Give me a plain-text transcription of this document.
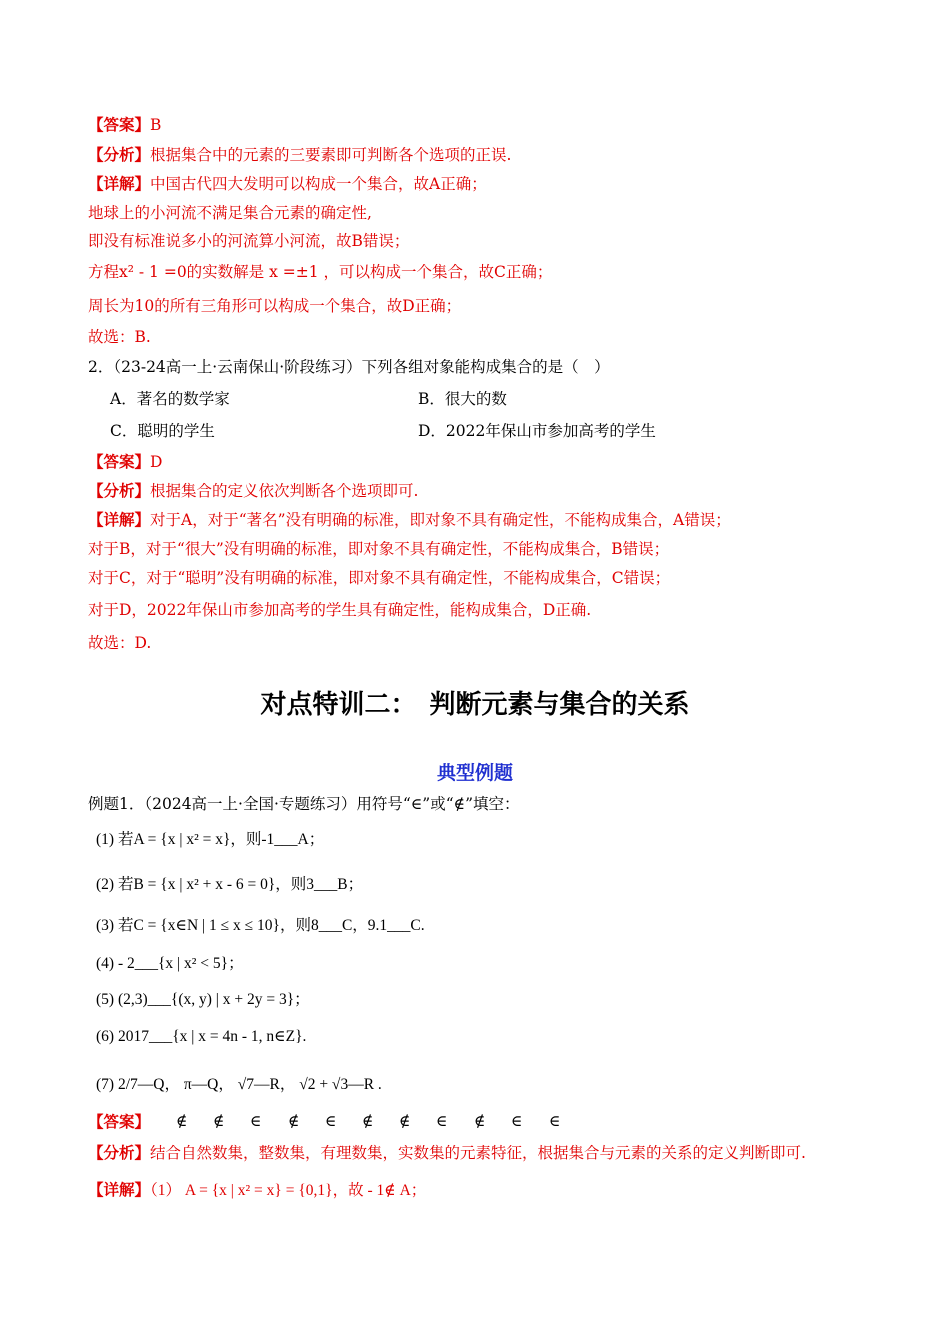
【答案】B
【分析】根据集合中的元素的三要素即可判断各个选项的正误.
【详解】中国古代四大发明可以构成一个集合，故A正确；
地球上的小河流不满足集合元素的确定性,
即没有标准说多小的河流算小河流，故B错误；
方程x² - 1 =0的实数解是 x =±1 ，可以构成一个集合，故C正确；
周长为10的所有三角形可以构成一个集合，故D正确；
故选：B.
2．（23-24高一上·云南保山·阶段练习）下列各组对象能构成集合的是（　）
A．著名的数学家	B．很大的数
C．聪明的学生	D．2022年保山市参加高考的学生
【答案】D
【分析】根据集合的定义依次判断各个选项即可.
【详解】对于A，对于“著名”没有明确的标准，即对象不具有确定性，不能构成集合，A错误；
对于B，对于“很大”没有明确的标准，即对象不具有确定性，不能构成集合，B错误；
对于C，对于“聪明”没有明确的标准，即对象不具有确定性，不能构成集合，C错误；
对于D，2022年保山市参加高考的学生具有确定性，能构成集合，D正确.
故选：D.
对点特训二：　判断元素与集合的关系
典型例题
例题1．（2024高一上·全国·专题练习）用符号“∈”或“∉”填空：
(1) 若A = {x | x² = x}，则-1___A；
(2) 若B = {x | x² + x - 6 = 0}，则3___B；
(3) 若C = {x∈N | 1 ≤ x ≤ 10}，则8___C，9.1___C.
(4) - 2___{x | x² < 5}；
(5) (2,3)___{(x, y) | x + 2y = 3}；
(6) 2017___{x | x = 4n - 1, n∈Z}.
(7) 2/7—Q， π—Q， √7—R， √2 + √3—R .
【答案】 ∉ ∉ ∈ ∉ ∈ ∉ ∉ ∈ ∉ ∈ ∈
【分析】结合自然数集，整数集，有理数集，实数集的元素特征，根据集合与元素的关系的定义判断即可.
【详解】（1） A = {x | x² = x} = {0,1}，故 - 1∉ A；
